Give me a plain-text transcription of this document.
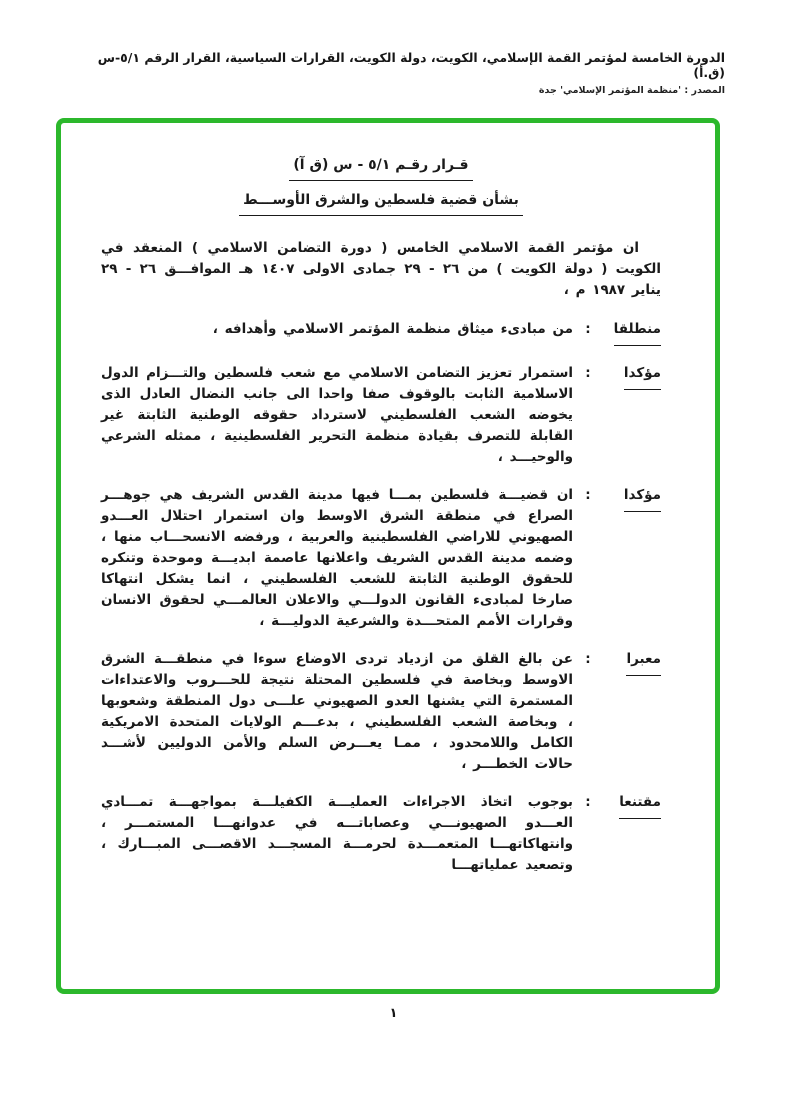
الدورة الخامسة لمؤتمر القمة الإسلامي، الكويت، دولة الكويت، القرارات السياسية، القرار الرقم ٥/١-س (ق.أ)
المصدر : 'منظمة المؤتمر الإسلامي' جدة
قـرار رقـم ٥/١ - س (ق آ)
بشأن قضية فلسطين والشرق الأوســـط

ان مؤتمر القمة الاسلامي الخامس ( دورة التضامن الاسلامي ) المنعقد في الكويت ( دولة الكويت ) من ٢٦ - ٢٩ جمادى الاولى ١٤٠٧ هـ الموافـــق ٢٦ - ٢٩ يناير ١٩٨٧ م ،

منطلقا
:

من مبادىء ميثاق منظمة المؤتمر الاسلامي وأهدافه ،

مؤكدا
:

استمرار تعزيز التضامن الاسلامي مع شعب فلسطين والتـــزام الدول الاسلامية الثابت بالوقوف صفا واحدا الى جانب النضال العادل الذى يخوضه الشعب الفلسطيني لاسترداد حقوقه الوطنية الثابتة غير القابلة للتصرف بقيادة منظمة التحرير الفلسطينية ، ممثله الشرعي والوحيـــد ،

مؤكدا
:

ان قضيـــة فلسطين بمـــا فيها مدينة القدس الشريف هي جوهـــر الصراع في منطقة الشرق الاوسط وان استمرار احتلال العـــدو الصهيوني للاراضي الفلسطينية والعربية ، ورفضه الانسحـــاب منها ، وضمه مدينة القدس الشريف واعلانها عاصمة ابديـــة وموحدة وتنكره للحقوق الوطنية الثابتة للشعب الفلسطيني ، انما يشكل انتهاكا صارخا لمبادىء القانون الدولـــي والاعلان العالمـــي لحقوق الانسان وقرارات الأمم المتحـــدة والشرعية الدوليـــة ،

معبرا
:

عن بالغ القلق من ازدياد تردى الاوضاع سوءا في منطقـــة الشرق الاوسط وبخاصة في فلسطين المحتلة نتيجة للحـــروب والاعتداءات المستمرة التي يشنها العدو الصهيوني علـــى دول المنطقة وشعوبها ، وبخاصة الشعب الفلسطيني ، بدعـــم الولايات المتحدة الامريكية الكامل واللامحدود ، ممـا يعـــرض السلم والأمن الدوليين لأشـــد حالات الخطـــر ،

مقتنعا
:

بوجوب اتخاذ الاجراءات العمليـــة الكفيلـــة بمواجهـــة تمـــادي العـــدو الصهيونـــي وعصاباتـــه في عدوانهـــا المستمـــر ، وانتهاكاتهـــا المتعمـــدة لحرمـــة المسجـــد الاقصـــى المبـــارك ، وتصعيد عملياتهـــا

١
